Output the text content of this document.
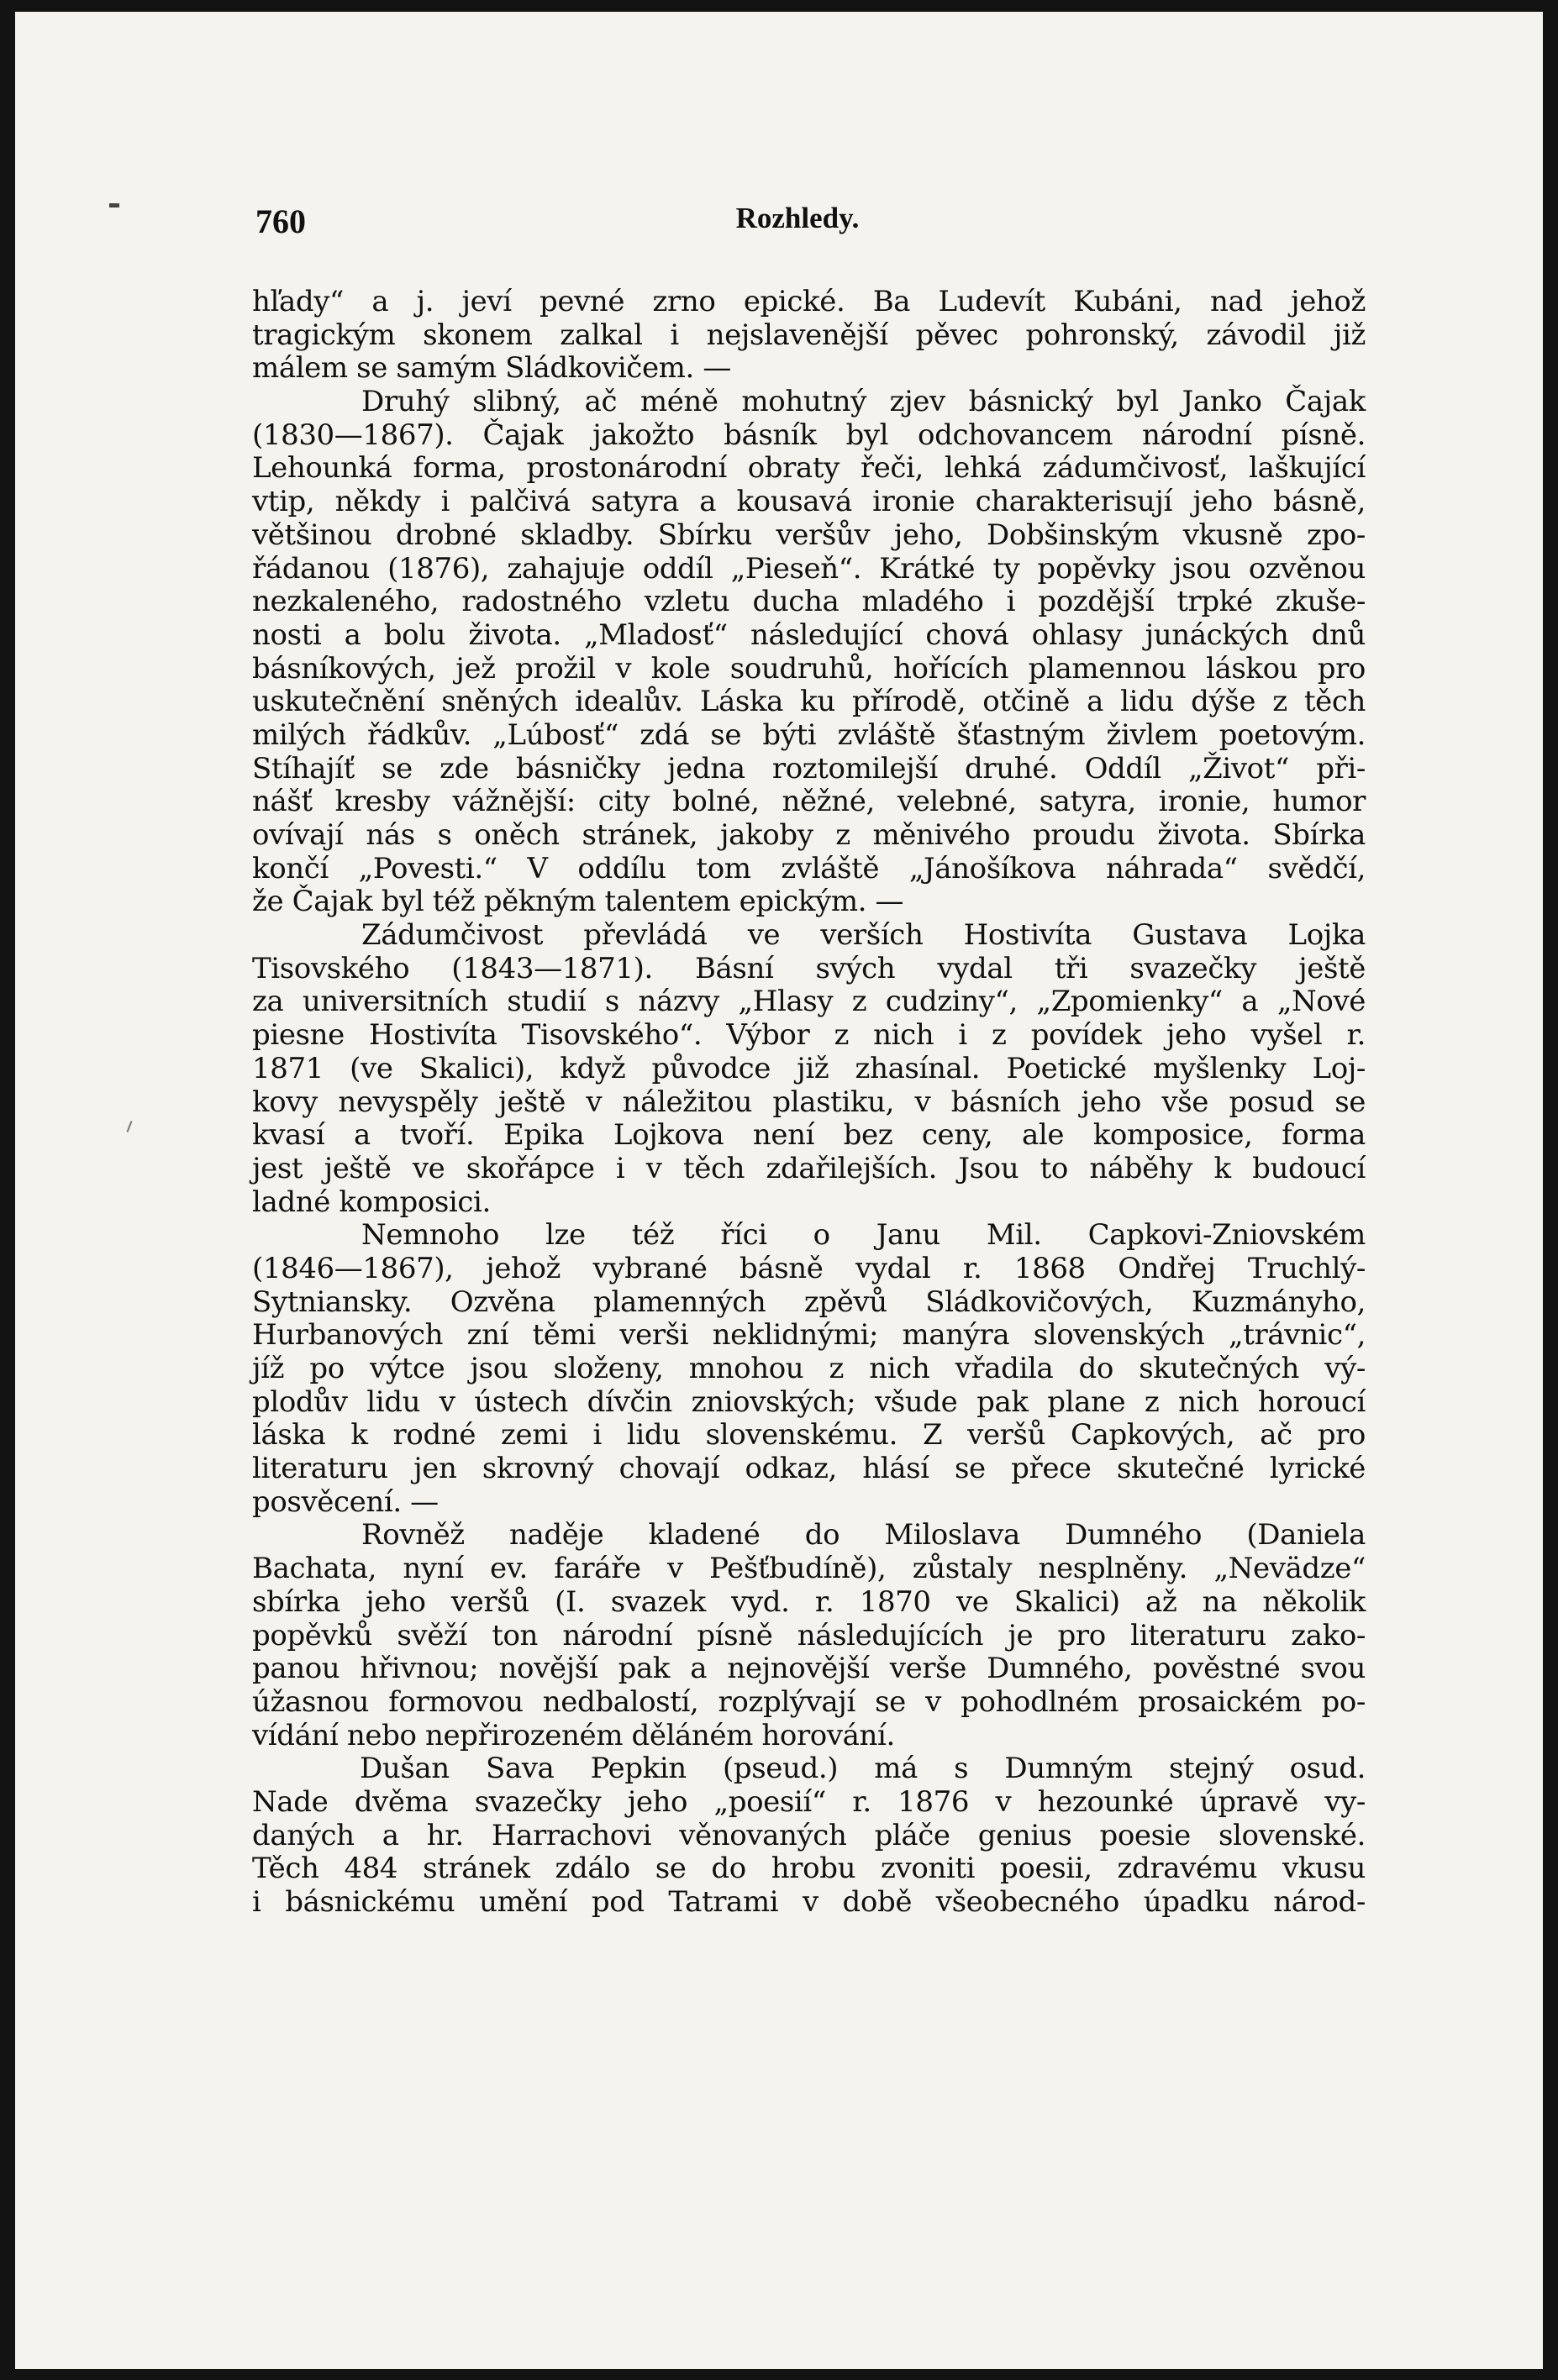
760	Rozhledy.
hľady“ a j. jeví pevné zrno epické. Ba Ludevít Kubáni, nad jehož
tragickým skonem zalkal i nejslavenější pěvec pohronský, závodil již
málem se samým Sládkovičem. —
Druhý slibný, ač méně mohutný zjev básnický byl Janko Čajak
(1830—1867). Čajak jakožto básník byl odchovancem národní písně.
Lehounká forma, prostonárodní obraty řeči, lehká zádumčivosť, laškující
vtip, někdy i palčivá satyra a kousavá ironie charakterisují jeho básně,
většinou drobné skladby. Sbírku veršův jeho, Dobšinským vkusně zpo-
řádanou (1876), zahajuje oddíl „Pieseň“. Krátké ty popěvky jsou ozvěnou
nezkaleného, radostného vzletu ducha mladého i pozdější trpké zkuše-
nosti a bolu života. „Mladosť“ následující chová ohlasy junáckých dnů
básníkových, jež prožil v kole soudruhů, hořících plamennou láskou pro
uskutečnění sněných idealův. Láska ku přírodě, otčině a lidu dýše z těch
milých řádkův. „Lúbosť“ zdá se býti zvláště šťastným živlem poetovým.
Stíhajíť se zde básničky jedna roztomilejší druhé. Oddíl „Život“ při-
nášť kresby vážnější: city bolné, něžné, velebné, satyra, ironie, humor
ovívají nás s oněch stránek, jakoby z měnivého proudu života. Sbírka
končí „Povesti.“ V oddílu tom zvláště „Jánošíkova náhrada“ svědčí,
že Čajak byl též pěkným talentem epickým. —
Zádumčivost převládá ve verších Hostivíta Gustava Lojka
Tisovského (1843—1871). Básní svých vydal tři svazečky ještě
za universitních studií s názvy „Hlasy z cudziny“, „Zpomienky“ a „Nové
piesne Hostivíta Tisovského“. Výbor z nich i z povídek jeho vyšel r.
1871 (ve Skalici), když původce již zhasínal. Poetické myšlenky Loj-
kovy nevyspěly ještě v náležitou plastiku, v básních jeho vše posud se
kvasí a tvoří. Epika Lojkova není bez ceny, ale komposice, forma
jest ještě ve skořápce i v těch zdařilejších. Jsou to náběhy k budoucí
ladné komposici.
Nemnoho lze též říci o Janu Mil. Capkovi-Zniovském
(1846—1867), jehož vybrané básně vydal r. 1868 Ondřej Truchlý-
Sytniansky. Ozvěna plamenných zpěvů Sládkovičových, Kuzmányho,
Hurbanových zní těmi verši neklidnými; manýra slovenských „trávnic“,
jíž po výtce jsou složeny, mnohou z nich vřadila do skutečných vý-
plodův lidu v ústech dívčin zniovských; všude pak plane z nich horoucí
láska k rodné zemi i lidu slovenskému. Z veršů Capkových, ač pro
literaturu jen skrovný chovají odkaz, hlásí se přece skutečné lyrické
posvěcení. —
Rovněž naděje kladené do Miloslava Dumného (Daniela
Bachata, nyní ev. faráře v Pešťbudíně), zůstaly nesplněny. „Nevädze“
sbírka jeho veršů (I. svazek vyd. r. 1870 ve Skalici) až na několik
popěvků svěží ton národní písně následujících je pro literaturu zako-
panou hřivnou; novější pak a nejnovější verše Dumného, pověstné svou
úžasnou formovou nedbalostí, rozplývají se v pohodlném prosaickém po-
vídání nebo nepřirozeném děláném horování.
Dušan Sava Pepkin (pseud.) má s Dumným stejný osud.
Nade dvěma svazečky jeho „poesií“ r. 1876 v hezounké úpravě vy-
daných a hr. Harrachovi věnovaných pláče genius poesie slovenské.
Těch 484 stránek zdálo se do hrobu zvoniti poesii, zdravému vkusu
i básnickému umění pod Tatrami v době všeobecného úpadku národ-
